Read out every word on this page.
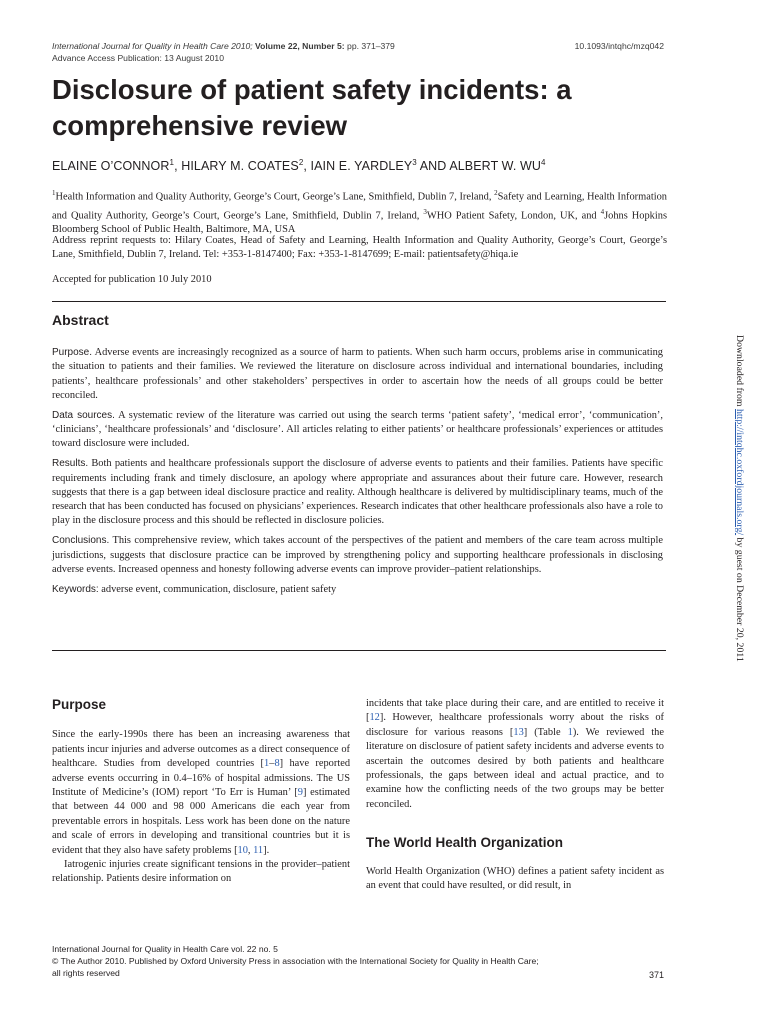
International Journal for Quality in Health Care 2010; Volume 22, Number 5: pp. 371–379
Advance Access Publication: 13 August 2010
10.1093/intqhc/mzq042
Disclosure of patient safety incidents: a comprehensive review
ELAINE O’CONNOR$^1$, HILARY M. COATES$^2$, IAIN E. YARDLEY$^3$ AND ALBERT W. $WU^4$
$^1$Health Information and Quality Authority, George’s Court, George’s Lane, Smithfield, Dublin 7, Ireland, $^2$Safety and Learning, Health Information and Quality Authority, George’s Court, George’s Lane, Smithfield, Dublin 7, Ireland, $^3$WHO Patient Safety, London, UK, and $^4$Johns Hopkins Bloomberg School of Public Health, Baltimore, MA, USA
Address reprint requests to: Hilary Coates, Head of Safety and Learning, Health Information and Quality Authority, George’s Court, George’s Lane, Smithfield, Dublin 7, Ireland. Tel: +353-1-8147400; Fax: +353-1-8147699; E-mail: patientsafety@hiqa.ie
Accepted for publication 10 July 2010
Abstract

Purpose. Adverse events are increasingly recognized as a source of harm to patients. When such harm occurs, problems arise in communicating the situation to patients and their families. We reviewed the literature on disclosure across individual and international boundaries, including patients’, healthcare professionals’ and other stakeholders’ perspectives in order to ascertain how the needs of all groups could be better reconciled.

Data sources. A systematic review of the literature was carried out using the search terms ‘patient safety’, ‘medical error’, ‘communication’, ‘clinicians’, ‘healthcare professionals’ and ‘disclosure’. All articles relating to either patients’ or healthcare professionals’ experiences or attitudes toward disclosure were included.

Results. Both patients and healthcare professionals support the disclosure of adverse events to patients and their families. Patients have specific requirements including frank and timely disclosure, an apology where appropriate and assurances about their future care. However, research suggests that there is a gap between ideal disclosure practice and reality. Although healthcare is delivered by multidisciplinary teams, much of the research that has been conducted has focused on physicians’ experiences. Research indicates that other healthcare professionals also have a role to play in the disclosure process and this should be reflected in disclosure policies.

Conclusions. This comprehensive review, which takes account of the perspectives of the patient and members of the care team across multiple jurisdictions, suggests that disclosure practice can be improved by strengthening policy and supporting healthcare professionals in disclosing adverse events. Increased openness and honesty following adverse events can improve provider–patient relationships.

Keywords: adverse event, communication, disclosure, patient safety

Purpose

Since the early-1990s there has been an increasing awareness that patients incur injuries and adverse outcomes as a direct consequence of healthcare. Studies from developed countries [1–8] have reported adverse events occurring in 0.4–16% of hospital admissions. The US Institute of Medicine’s (IOM) report ‘To Err is Human’ [9] estimated that between 44 000 and 98 000 Americans die each year from preventable errors in hospitals. Less work has been done on the nature and scale of errors in developing and transitional countries but it is evident that they also have safety problems [10, 11].

Iatrogenic injuries create significant tensions in the provider–patient relationship. Patients desire information on

incidents that take place during their care, and are entitled to receive it [12]. However, healthcare professionals worry about the risks of disclosure for various reasons [13] (Table 1). We reviewed the literature on disclosure of patient safety incidents and adverse events to ascertain the outcomes desired by both patients and healthcare professionals, the gaps between ideal and actual practice, and to examine how the conflicting needs of the two groups may be better reconciled.

The World Health Organization

World Health Organization (WHO) defines a patient safety incident as an event that could have resulted, or did result, in

Downloaded from http://intqhc.oxfordjournals.org/ by guest on December 20, 2011
International Journal for Quality in Health Care vol. 22 no. 5
© The Author 2010. Published by Oxford University Press in association with the International Society for Quality in Health Care;
all rights reserved	371
